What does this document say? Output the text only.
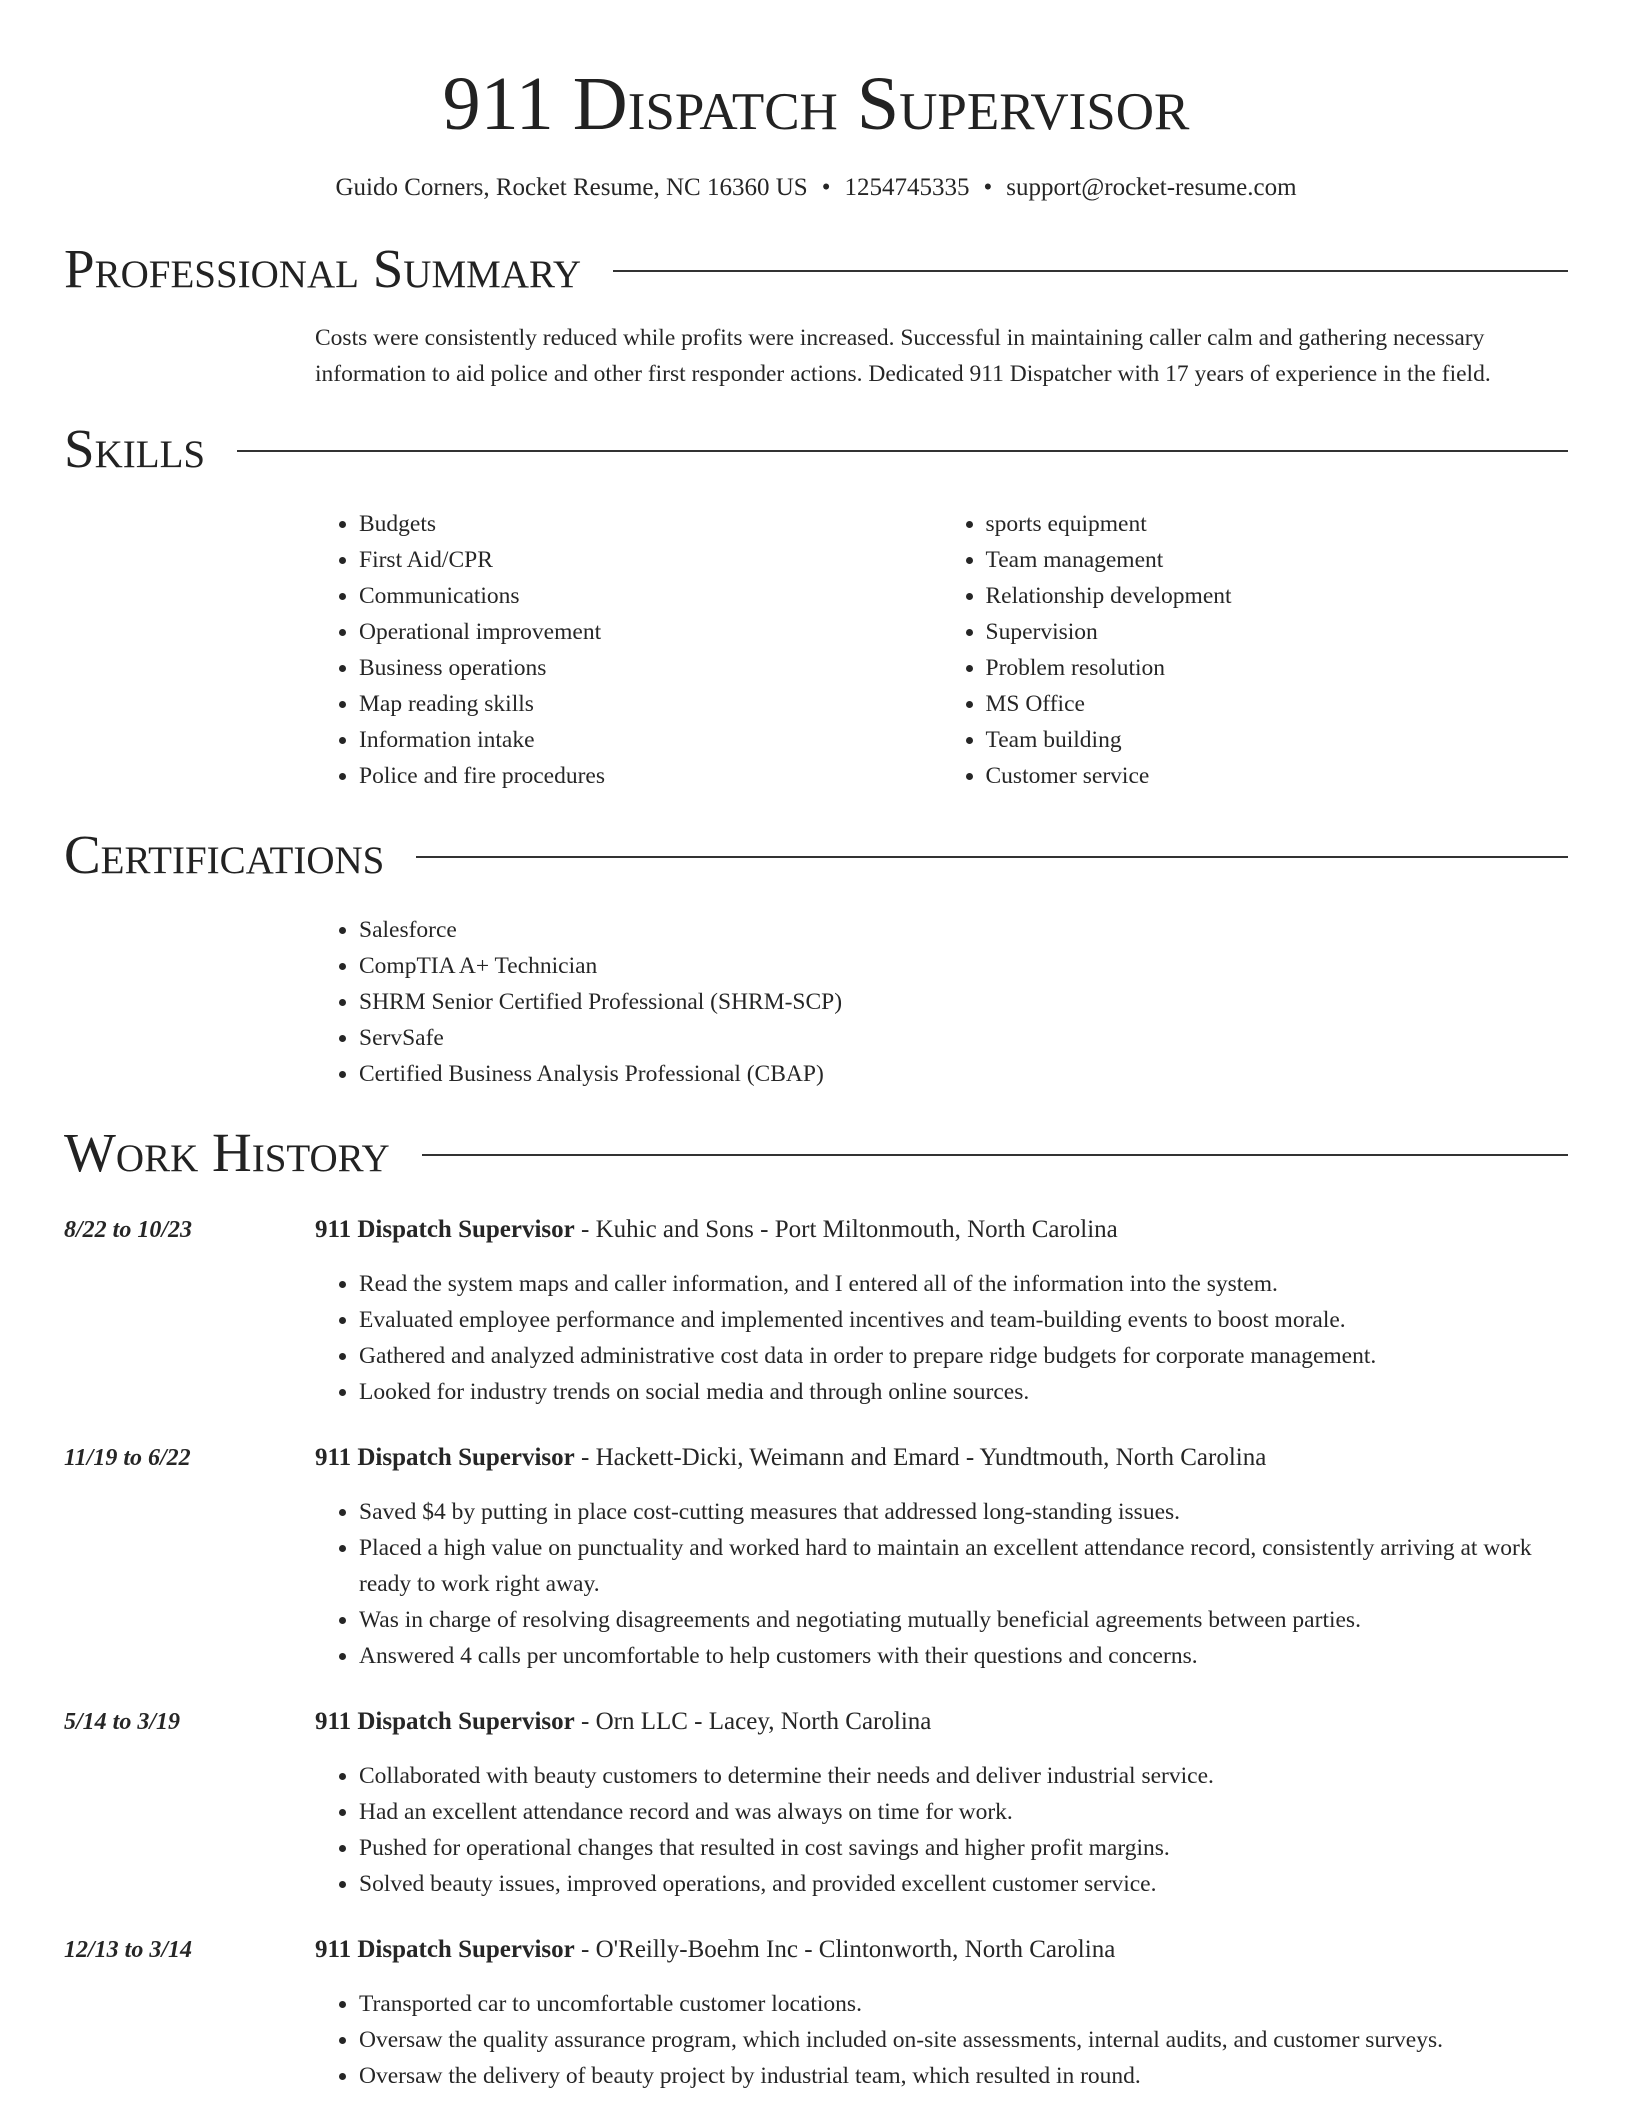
911 Dispatch Supervisor
Guido Corners, Rocket Resume, NC 16360 US • 1254745335 • support@rocket-resume.com
Professional Summary
Costs were consistently reduced while profits were increased. Successful in maintaining caller calm and gathering necessary information to aid police and other first responder actions. Dedicated 911 Dispatcher with 17 years of experience in the field.
Skills
• Budgets
• First Aid/CPR
• Communications
• Operational improvement
• Business operations
• Map reading skills
• Information intake
• Police and fire procedures
• sports equipment
• Team management
• Relationship development
• Supervision
• Problem resolution
• MS Office
• Team building
• Customer service
Certifications
• Salesforce
• CompTIA A+ Technician
• SHRM Senior Certified Professional (SHRM-SCP)
• ServSafe
• Certified Business Analysis Professional (CBAP)
Work History
8/22 to 10/23	911 Dispatch Supervisor - Kuhic and Sons - Port Miltonmouth, North Carolina
• Read the system maps and caller information, and I entered all of the information into the system.
• Evaluated employee performance and implemented incentives and team-building events to boost morale.
• Gathered and analyzed administrative cost data in order to prepare ridge budgets for corporate management.
• Looked for industry trends on social media and through online sources.
11/19 to 6/22	911 Dispatch Supervisor - Hackett-Dicki, Weimann and Emard - Yundtmouth, North Carolina
• Saved $4 by putting in place cost-cutting measures that addressed long-standing issues.
• Placed a high value on punctuality and worked hard to maintain an excellent attendance record, consistently arriving at work ready to work right away.
• Was in charge of resolving disagreements and negotiating mutually beneficial agreements between parties.
• Answered 4 calls per uncomfortable to help customers with their questions and concerns.
5/14 to 3/19	911 Dispatch Supervisor - Orn LLC - Lacey, North Carolina
• Collaborated with beauty customers to determine their needs and deliver industrial service.
• Had an excellent attendance record and was always on time for work.
• Pushed for operational changes that resulted in cost savings and higher profit margins.
• Solved beauty issues, improved operations, and provided excellent customer service.
12/13 to 3/14	911 Dispatch Supervisor - O'Reilly-Boehm Inc - Clintonworth, North Carolina
• Transported car to uncomfortable customer locations.
• Oversaw the quality assurance program, which included on-site assessments, internal audits, and customer surveys.
• Oversaw the delivery of beauty project by industrial team, which resulted in round.
